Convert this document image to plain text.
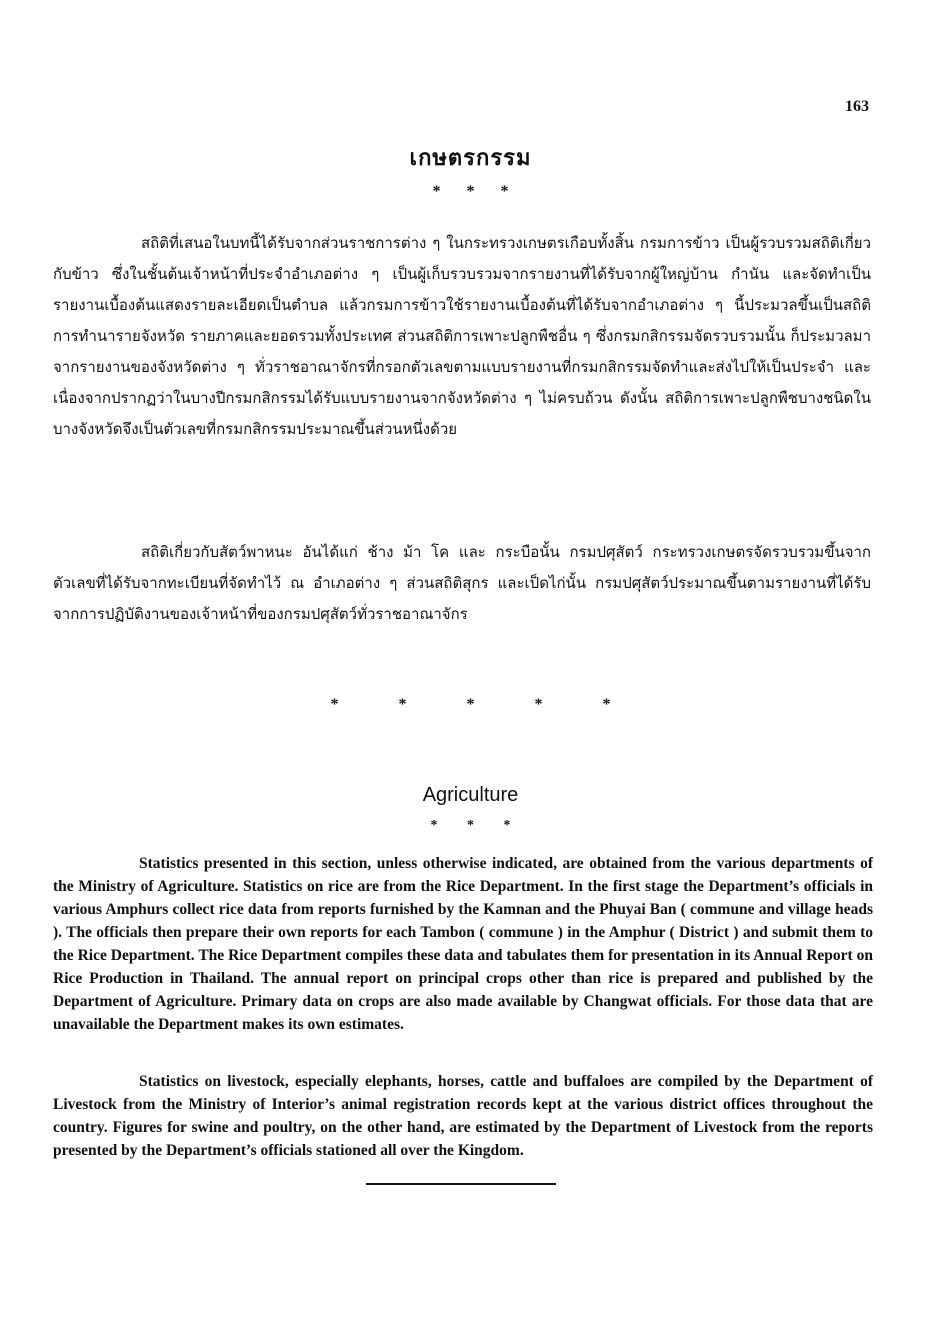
163
เกษตรกรรม
* * *

สถิติที่เสนอในบทนี้ได้รับจากส่วนราชการต่าง ๆ ในกระทรวงเกษตรเกือบทั้งสิ้น กรมการข้าว เป็นผู้รวบรวมสถิติเกี่ยวกับข้าว ซึ่งในชั้นต้นเจ้าหน้าที่ประจำอำเภอต่าง ๆ เป็นผู้เก็บรวบรวมจากรายงานที่ได้รับจากผู้ใหญ่บ้าน กำนัน และจัดทำเป็นรายงานเบื้องต้นแสดงรายละเอียดเป็นตำบล แล้วกรมการข้าวใช้รายงานเบื้องต้นที่ได้รับจากอำเภอต่าง ๆ นี้ประมวลขึ้นเป็นสถิติการทำนารายจังหวัด รายภาคและยอดรวมทั้งประเทศ ส่วนสถิติการเพาะปลูกพืชอื่น ๆ ซึ่งกรมกสิกรรมจัดรวบรวมนั้น ก็ประมวลมาจากรายงานของจังหวัดต่าง ๆ ทั่วราชอาณาจักรที่กรอกตัวเลขตามแบบรายงานที่กรมกสิกรรมจัดทำและส่งไปให้เป็นประจำ และเนื่องจากปรากฏว่าในบางปีกรมกสิกรรมได้รับแบบรายงานจากจังหวัดต่าง ๆ ไม่ครบถ้วน ดังนั้น สถิติการเพาะปลูกพืชบางชนิดในบางจังหวัดจึงเป็นตัวเลขที่กรมกสิกรรมประมาณขึ้นส่วนหนึ่งด้วย

สถิติเกี่ยวกับสัตว์พาหนะ อันได้แก่ ช้าง ม้า โค และ กระบือนั้น กรมปศุสัตว์ กระทรวงเกษตรจัดรวบรวมขึ้นจากตัวเลขที่ได้รับจากทะเบียนที่จัดทำไว้ ณ อำเภอต่าง ๆ ส่วนสถิติสุกร และเป็ดไก่นั้น กรมปศุสัตว์ประมาณขึ้นตามรายงานที่ได้รับจากการปฏิบัติงานของเจ้าหน้าที่ของกรมปศุสัตว์ทั่วราชอาณาจักร

* * * * *
Agriculture
* * *

Statistics presented in this section, unless otherwise indicated, are obtained from the various departments of the Ministry of Agriculture. Statistics on rice are from the Rice Department. In the first stage the Department’s officials in various Amphurs collect rice data from reports furnished by the Kamnan and the Phuyai Ban ( commune and village heads ). The officials then prepare their own reports for each Tambon ( commune ) in the Amphur ( District ) and submit them to the Rice Department. The Rice Department compiles these data and tabulates them for presentation in its Annual Report on Rice Production in Thailand. The annual report on principal crops other than rice is prepared and published by the Department of Agriculture. Primary data on crops are also made available by Changwat officials. For those data that are unavailable the Department makes its own estimates.

Statistics on livestock, especially elephants, horses, cattle and buffaloes are compiled by the Department of Livestock from the Ministry of Interior’s animal registration records kept at the various district offices throughout the country. Figures for swine and poultry, on the other hand, are estimated by the Department of Livestock from the reports presented by the Department’s officials stationed all over the Kingdom.
